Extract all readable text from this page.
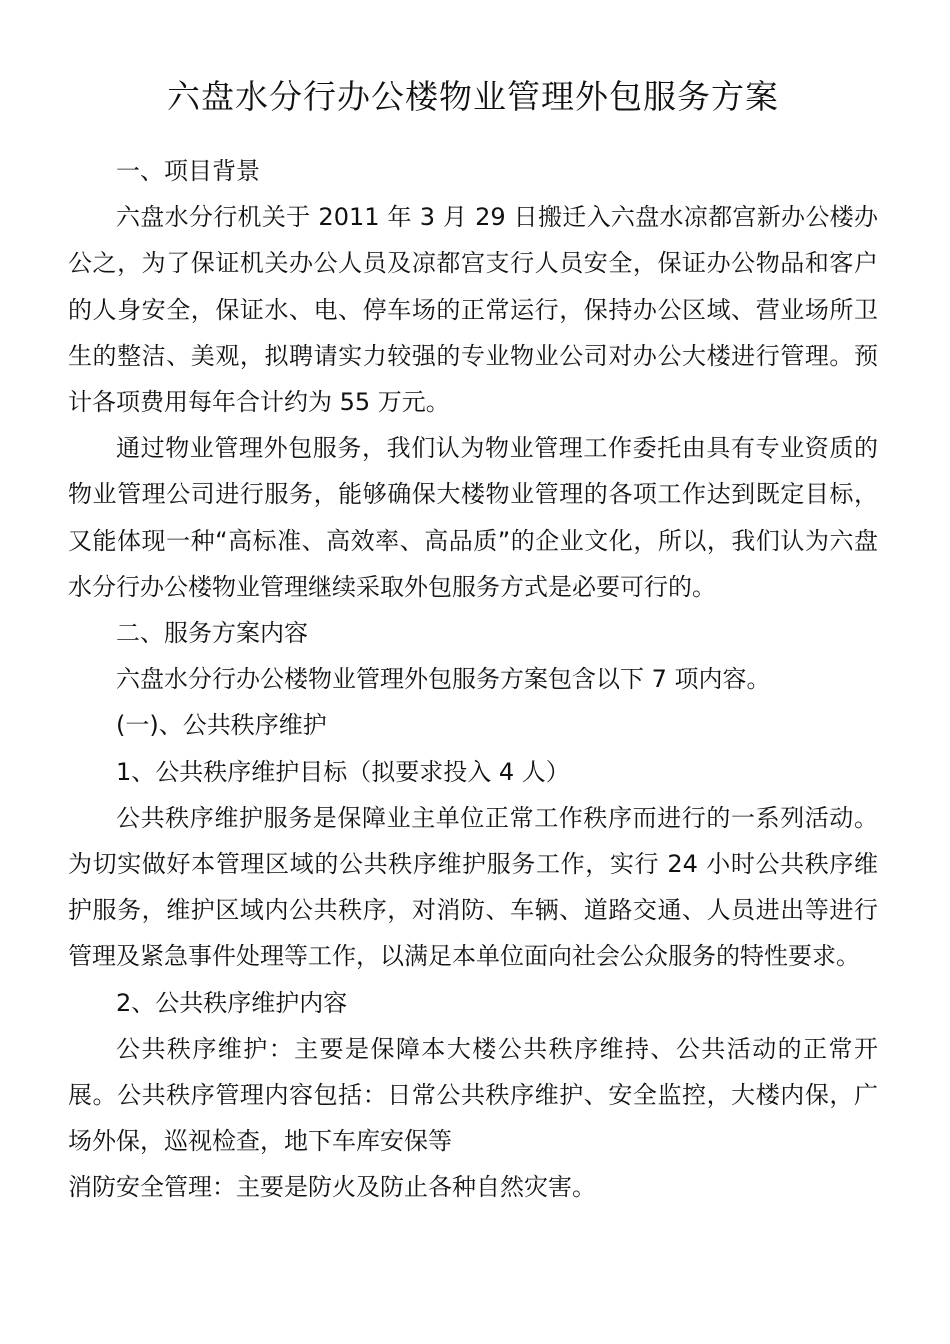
六盘水分行办公楼物业管理外包服务方案

一、项目背景

六盘水分行机关于 2011 年 3 月 29 日搬迁入六盘水凉都宫新办公楼办公之，为了保证机关办公人员及凉都宫支行人员安全，保证办公物品和客户的人身安全，保证水、电、停车场的正常运行，保持办公区域、营业场所卫生的整洁、美观，拟聘请实力较强的专业物业公司对办公大楼进行管理。预计各项费用每年合计约为 55 万元。

通过物业管理外包服务，我们认为物业管理工作委托由具有专业资质的物业管理公司进行服务，能够确保大楼物业管理的各项工作达到既定目标，又能体现一种“高标准、高效率、高品质”的企业文化，所以，我们认为六盘水分行办公楼物业管理继续采取外包服务方式是必要可行的。

二、服务方案内容

六盘水分行办公楼物业管理外包服务方案包含以下 7 项内容。

(一)、公共秩序维护

1、公共秩序维护目标（拟要求投入 4 人）

公共秩序维护服务是保障业主单位正常工作秩序而进行的一系列活动。为切实做好本管理区域的公共秩序维护服务工作，实行 24 小时公共秩序维护服务，维护区域内公共秩序，对消防、车辆、道路交通、人员进出等进行管理及紧急事件处理等工作，以满足本单位面向社会公众服务的特性要求。

2、公共秩序维护内容

公共秩序维护：主要是保障本大楼公共秩序维持、公共活动的正常开展。公共秩序管理内容包括：日常公共秩序维护、安全监控，大楼内保，广场外保，巡视检查，地下车库安保等

消防安全管理：主要是防火及防止各种自然灾害。
